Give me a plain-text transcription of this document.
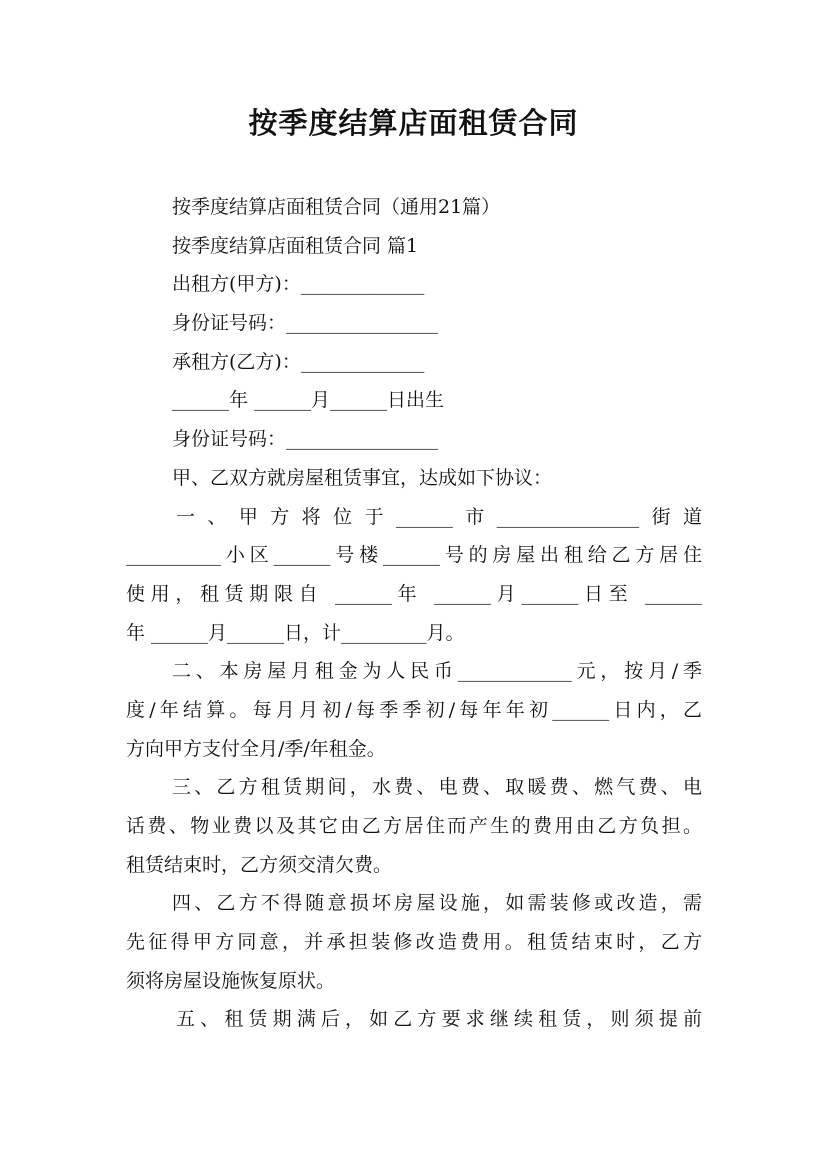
按季度结算店面租赁合同
按季度结算店面租赁合同（通用21篇）
按季度结算店面租赁合同 篇1
出租方(甲方)：_____________
身份证号码：________________
承租方(乙方)：_____________
______年 ______月______日出生
身份证号码：________________
甲、乙双方就房屋租赁事宜，达成如下协议：
一、甲方将位于______市_______________街道
__________小区______号楼______号的房屋出租给乙方居住
使用，租赁期限自 ______年 ______月______日至 ______
年 ______月______日，计_________月。
二、本房屋月租金为人民币____________元，按月/季
度/年结算。每月月初/每季季初/每年年初______日内，乙
方向甲方支付全月/季/年租金。
三、乙方租赁期间，水费、电费、取暖费、燃气费、电
话费、物业费以及其它由乙方居住而产生的费用由乙方负担。
租赁结束时，乙方须交清欠费。
四、乙方不得随意损坏房屋设施，如需装修或改造，需
先征得甲方同意，并承担装修改造费用。租赁结束时，乙方
须将房屋设施恢复原状。
五、租赁期满后，如乙方要求继续租赁，则须提前
